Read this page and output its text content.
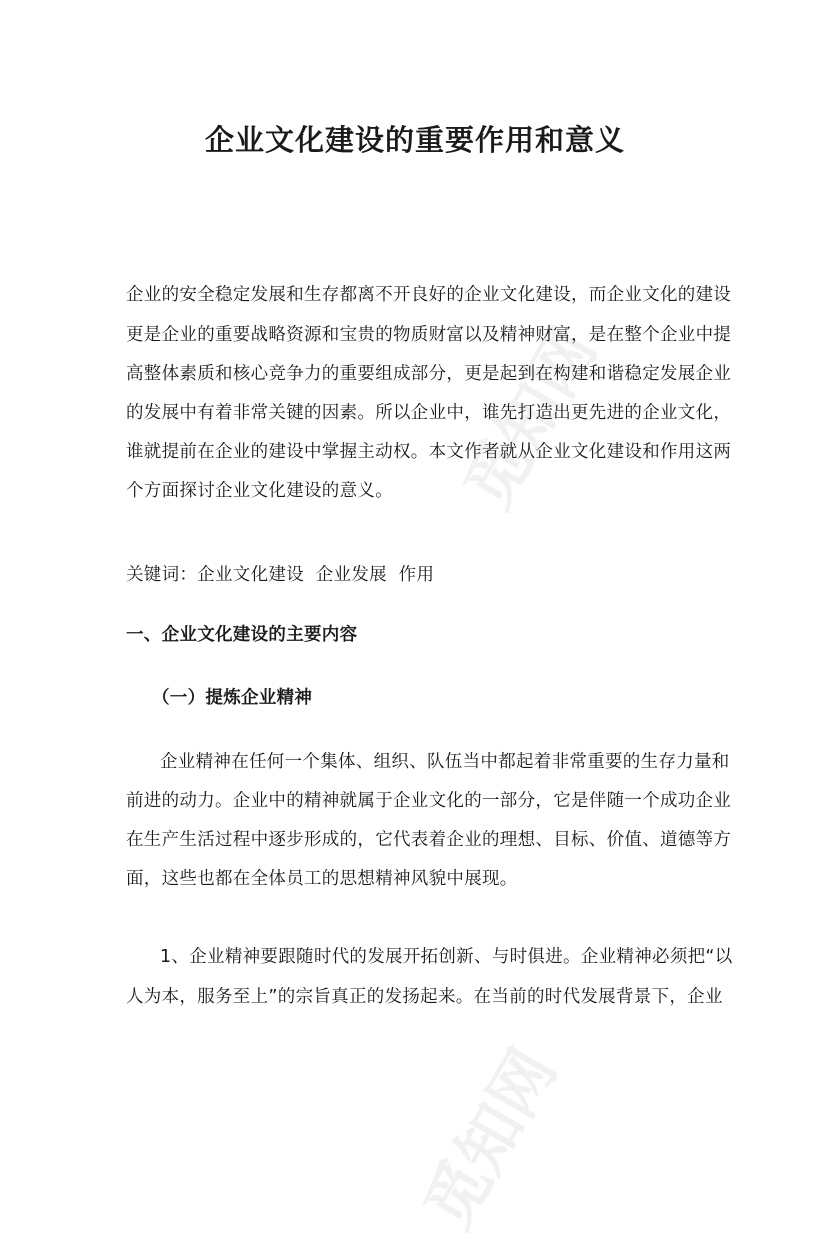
觅知网
觅知网
企业文化建设的重要作用和意义
企业的安全稳定发展和生存都离不开良好的企业文化建设，而企业文化的建设
更是企业的重要战略资源和宝贵的物质财富以及精神财富，是在整个企业中提
高整体素质和核心竞争力的重要组成部分，更是起到在构建和谐稳定发展企业
的发展中有着非常关键的因素。所以企业中，谁先打造出更先进的企业文化，
谁就提前在企业的建设中掌握主动权。本文作者就从企业文化建设和作用这两
个方面探讨企业文化建设的意义。
关键词：企业文化建设  企业发展  作用
一、企业文化建设的主要内容
（一）提炼企业精神
企业精神在任何一个集体、组织、队伍当中都起着非常重要的生存力量和
前进的动力。企业中的精神就属于企业文化的一部分，它是伴随一个成功企业
在生产生活过程中逐步形成的，它代表着企业的理想、目标、价值、道德等方
面，这些也都在全体员工的思想精神风貌中展现。
1、企业精神要跟随时代的发展开拓创新、与时俱进。企业精神必须把“以
人为本，服务至上”的宗旨真正的发扬起来。在当前的时代发展背景下，企业
